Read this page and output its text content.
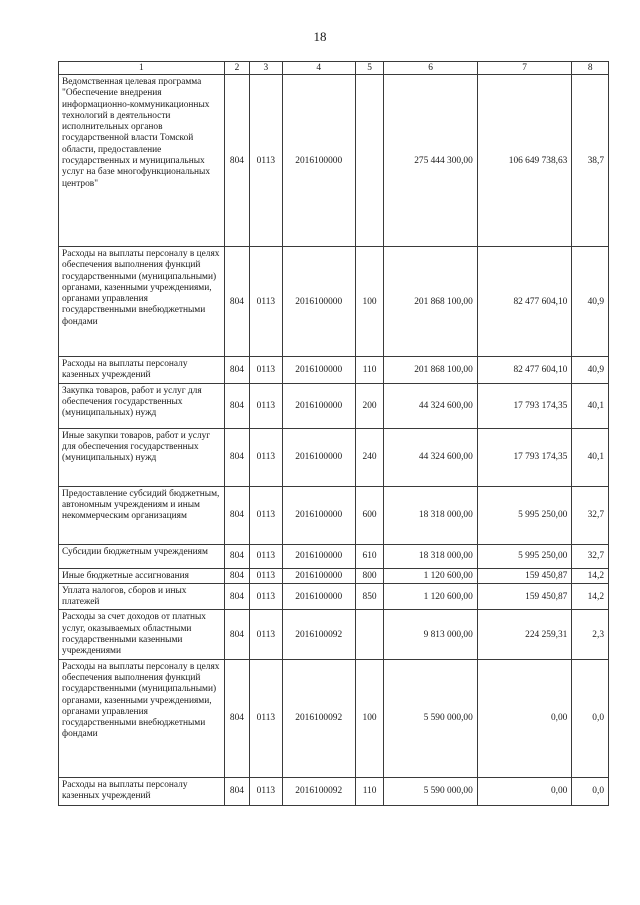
18
1	2	3	4	5	6	7	8
Ведомственная целевая программа "Обеспечение внедрения информационно-коммуникационных технологий в деятельности исполнительных органов государственной власти Томской области, предоставление государственных и муниципальных услуг на базе многофункциональных центров"	804	0113	2016100000		275 444 300,00	106 649 738,63	38,7
Расходы на выплаты персоналу в целях обеспечения выполнения функций государственными (муниципальными) органами, казенными учреждениями, органами управления государственными внебюджетными фондами	804	0113	2016100000	100	201 868 100,00	82 477 604,10	40,9
Расходы на выплаты персоналу казенных учреждений	804	0113	2016100000	110	201 868 100,00	82 477 604,10	40,9
Закупка товаров, работ и услуг для обеспечения государственных (муниципальных) нужд	804	0113	2016100000	200	44 324 600,00	17 793 174,35	40,1
Иные закупки товаров, работ и услуг для обеспечения государственных (муниципальных) нужд	804	0113	2016100000	240	44 324 600,00	17 793 174,35	40,1
Предоставление субсидий бюджетным, автономным учреждениям и иным некоммерческим организациям	804	0113	2016100000	600	18 318 000,00	5 995 250,00	32,7
Субсидии бюджетным учреждениям	804	0113	2016100000	610	18 318 000,00	5 995 250,00	32,7
Иные бюджетные ассигнования	804	0113	2016100000	800	1 120 600,00	159 450,87	14,2
Уплата налогов, сборов и иных платежей	804	0113	2016100000	850	1 120 600,00	159 450,87	14,2
Расходы за счет доходов от платных услуг, оказываемых областными государственными казенными учреждениями	804	0113	2016100092		9 813 000,00	224 259,31	2,3
Расходы на выплаты персоналу в целях обеспечения выполнения функций государственными (муниципальными) органами, казенными учреждениями, органами управления государственными внебюджетными фондами	804	0113	2016100092	100	5 590 000,00	0,00	0,0
Расходы на выплаты персоналу казенных учреждений	804	0113	2016100092	110	5 590 000,00	0,00	0,0
